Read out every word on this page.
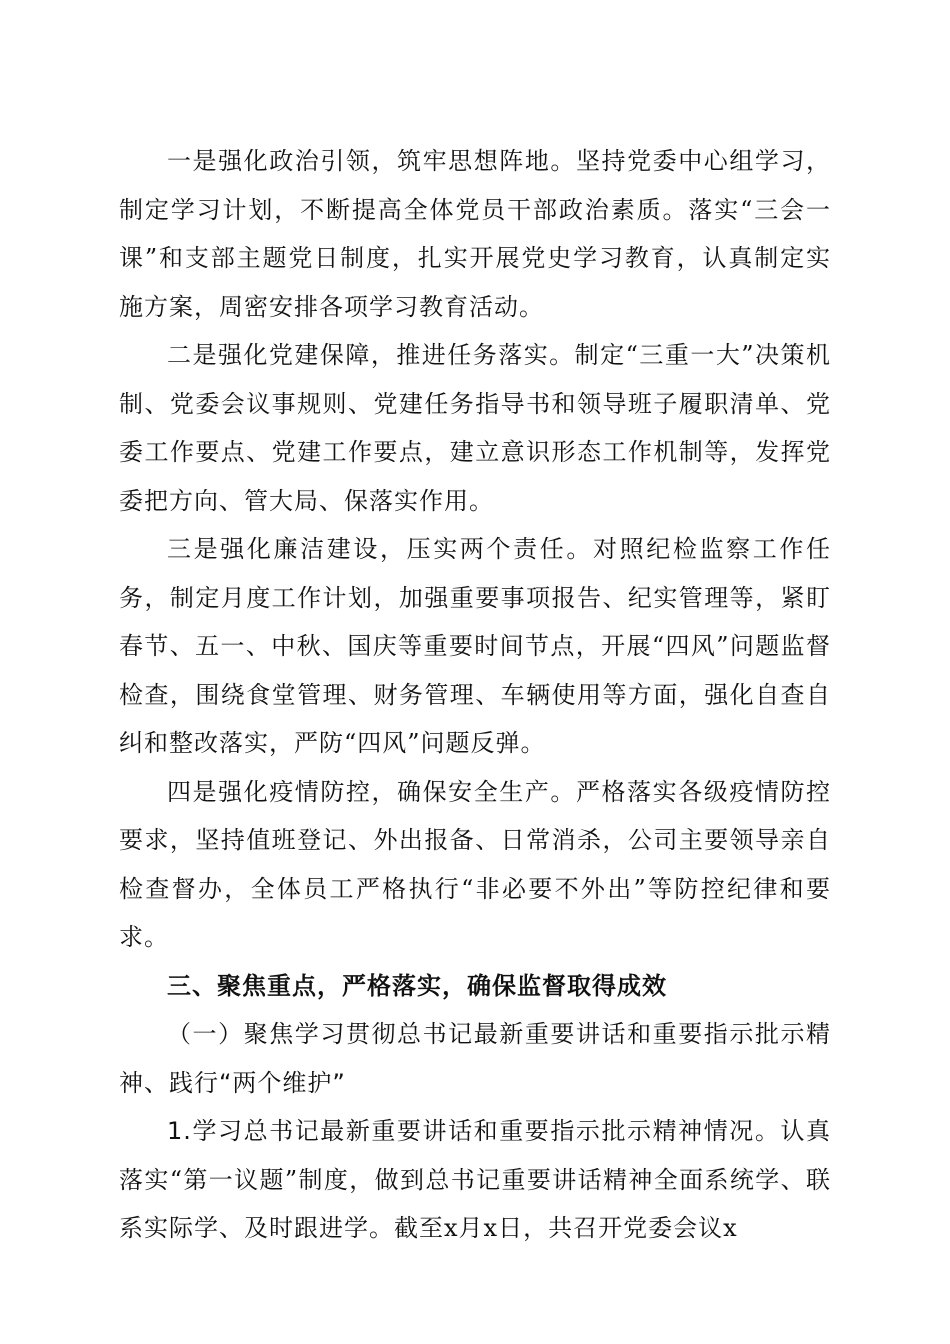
一是强化政治引领，筑牢思想阵地。坚持党委中心组学习，制定学习计划，不断提高全体党员干部政治素质。落实“三会一课”和支部主题党日制度，扎实开展党史学习教育，认真制定实施方案，周密安排各项学习教育活动。

二是强化党建保障，推进任务落实。制定“三重一大”决策机制、党委会议事规则、党建任务指导书和领导班子履职清单、党委工作要点、党建工作要点，建立意识形态工作机制等，发挥党委把方向、管大局、保落实作用。

三是强化廉洁建设，压实两个责任。对照纪检监察工作任务，制定月度工作计划，加强重要事项报告、纪实管理等，紧盯春节、五一、中秋、国庆等重要时间节点，开展“四风”问题监督检查，围绕食堂管理、财务管理、车辆使用等方面，强化自查自纠和整改落实，严防“四风”问题反弹。

四是强化疫情防控，确保安全生产。严格落实各级疫情防控要求，坚持值班登记、外出报备、日常消杀，公司主要领导亲自检查督办，全体员工严格执行“非必要不外出”等防控纪律和要求。

三、聚焦重点，严格落实，确保监督取得成效

（一）聚焦学习贯彻总书记最新重要讲话和重要指示批示精神、践行“两个维护”

1.学习总书记最新重要讲话和重要指示批示精神情况。认真落实“第一议题”制度，做到总书记重要讲话精神全面系统学、联系实际学、及时跟进学。截至x月x日，共召开党委会议x
